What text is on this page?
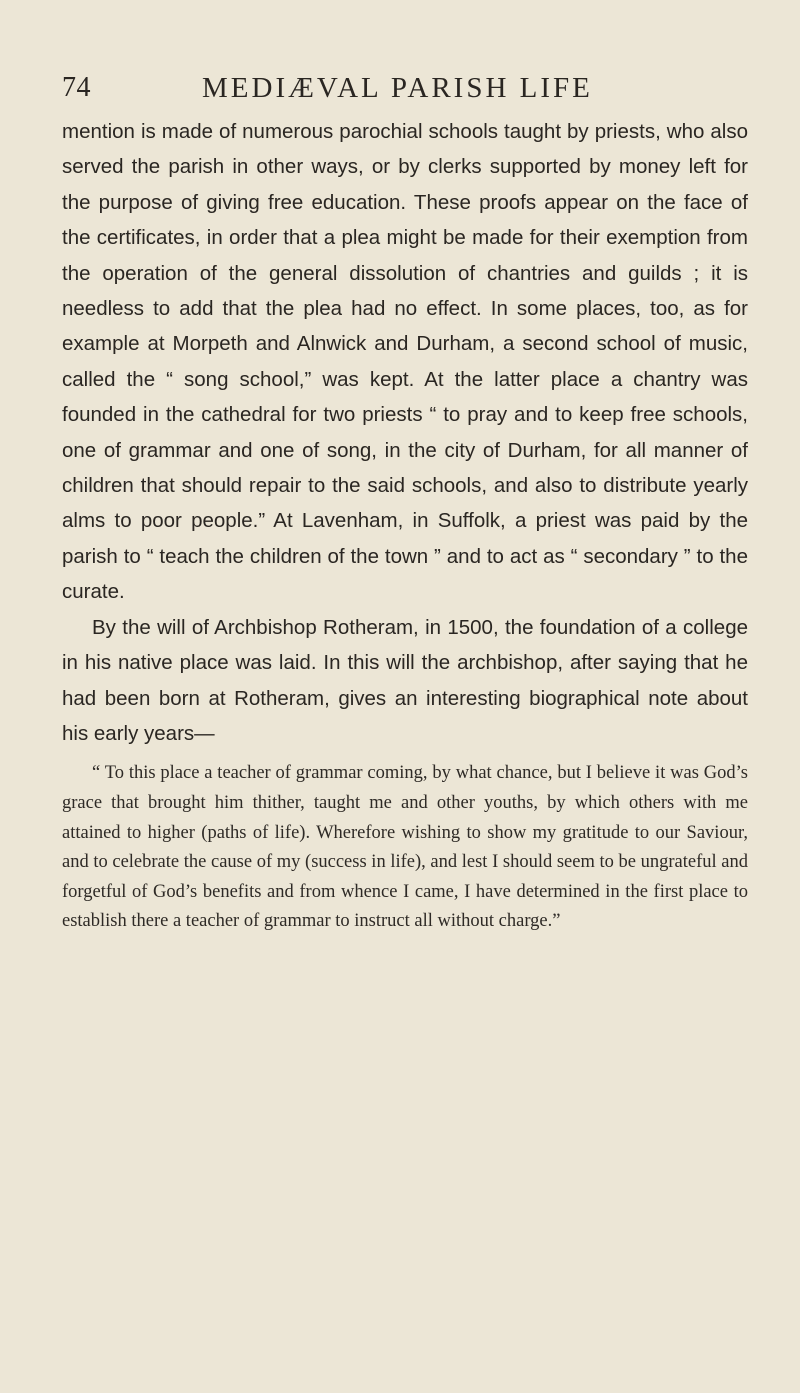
74	MEDIÆVAL PARISH LIFE

mention is made of numerous parochial schools taught by priests, who also served the parish in other ways, or by clerks supported by money left for the purpose of giving free education. These proofs appear on the face of the certificates, in order that a plea might be made for their exemption from the operation of the general dissolution of chantries and guilds ; it is needless to add that the plea had no effect. In some places, too, as for example at Morpeth and Alnwick and Durham, a second school of music, called the “ song school,” was kept. At the latter place a chantry was founded in the cathedral for two priests “ to pray and to keep free schools, one of grammar and one of song, in the city of Durham, for all manner of children that should repair to the said schools, and also to distribute yearly alms to poor people.” At Lavenham, in Suffolk, a priest was paid by the parish to “ teach the children of the town ” and to act as “ secondary ” to the curate.

By the will of Archbishop Rotheram, in 1500, the foundation of a college in his native place was laid. In this will the archbishop, after saying that he had been born at Rotheram, gives an interesting biographical note about his early years—

“ To this place a teacher of grammar coming, by what chance, but I believe it was God’s grace that brought him thither, taught me and other youths, by which others with me attained to higher (paths of life). Wherefore wishing to show my gratitude to our Saviour, and to celebrate the cause of my (success in life), and lest I should seem to be ungrateful and forgetful of God’s benefits and from whence I came, I have determined in the first place to establish there a teacher of grammar to instruct all without charge.”
